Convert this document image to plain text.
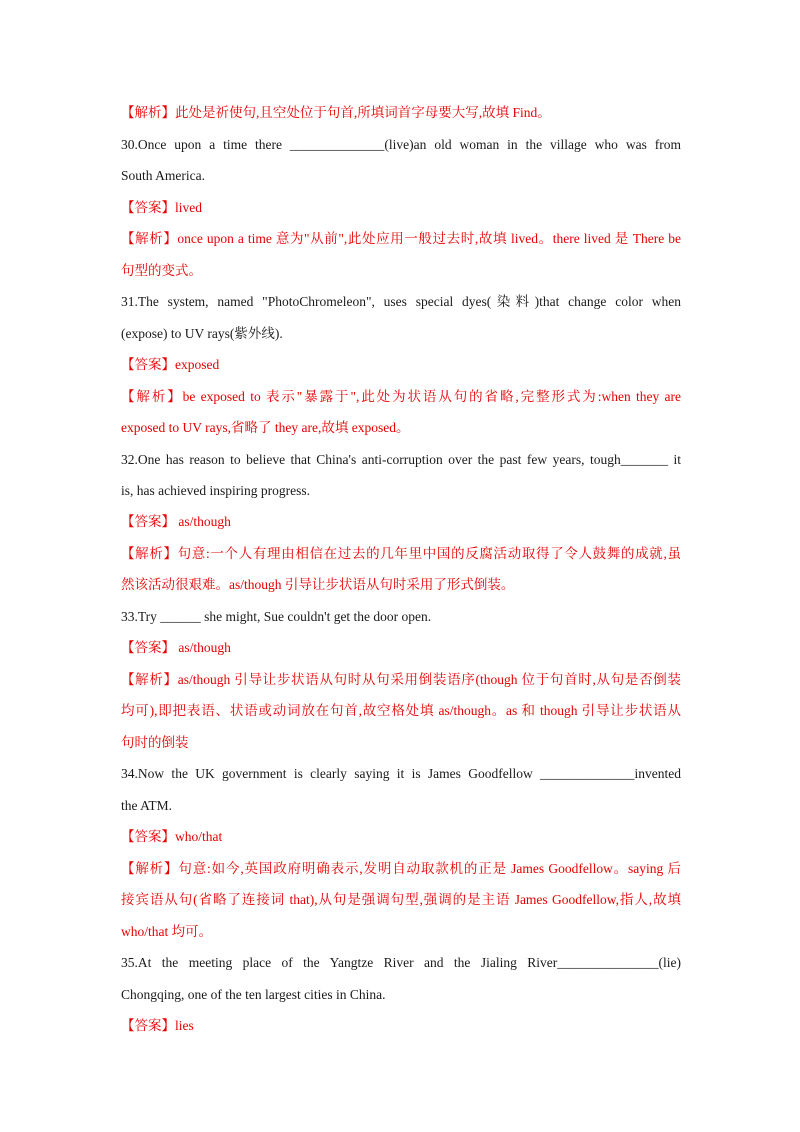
【解析】此处是祈使句,且空处位于句首,所填词首字母要大写,故填 Find。
30.Once upon a time there ______________(live)an old woman in the village who was from
South America.
【答案】lived
【解析】once upon a time 意为"从前",此处应用一般过去时,故填 lived。there lived 是 There be
句型的变式。
31.The system, named "PhotoChromeleon", uses special dyes(染料)that change color when
(expose) to UV rays(紫外线).
【答案】exposed
【解析】be exposed to 表示"暴露于",此处为状语从句的省略,完整形式为:when they are
exposed to UV rays,省略了 they are,故填 exposed。
32.One has reason to believe that China's anti-corruption over the past few years, tough_______ it
is, has achieved inspiring progress.
【答案】 as/though
【解析】句意:一个人有理由相信在过去的几年里中国的反腐活动取得了令人鼓舞的成就,虽
然该活动很艰难。as/though 引导让步状语从句时采用了形式倒装。
33.Try ______ she might, Sue couldn't get the door open.
【答案】 as/though
【解析】as/though 引导让步状语从句时从句采用倒装语序(though 位于句首时,从句是否倒装
均可),即把表语、状语或动词放在句首,故空格处填 as/though。as 和 though 引导让步状语从
句时的倒装
34.Now the UK government is clearly saying it is James Goodfellow ______________invented
the ATM.
【答案】who/that
【解析】句意:如今,英国政府明确表示,发明自动取款机的正是 James Goodfellow。saying 后
接宾语从句(省略了连接词 that),从句是强调句型,强调的是主语 James Goodfellow,指人,故填
who/that 均可。
35.At the meeting place of the Yangtze River and the Jialing River_______________(lie)
Chongqing, one of the ten largest cities in China.
【答案】lies
